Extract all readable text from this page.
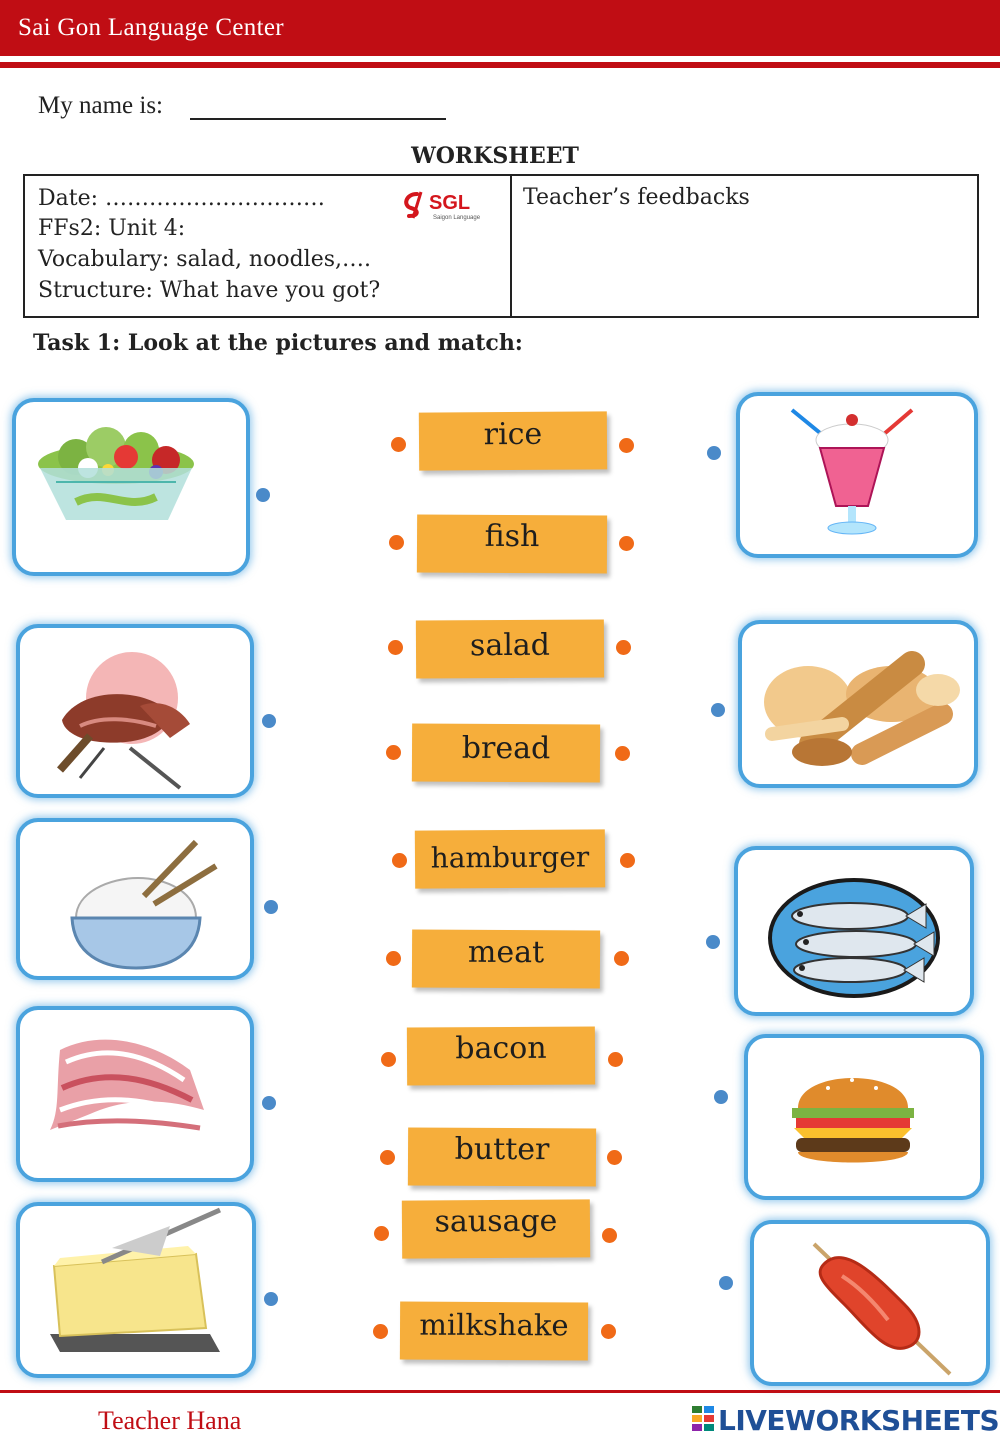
Sai Gon Language Center
My name is:
WORKSHEET
Date: …………………………
FFs2: Unit 4:
Vocabulary: salad, noodles,….
Structure: What have you got?
Teacher’s feedbacks
SGL
Saigon Language
Task 1: Look at the pictures and match:
rice
fish
salad
bread
hamburger
meat
bacon
butter
sausage
milkshake
Teacher Hana	LIVEWORKSHEETS
